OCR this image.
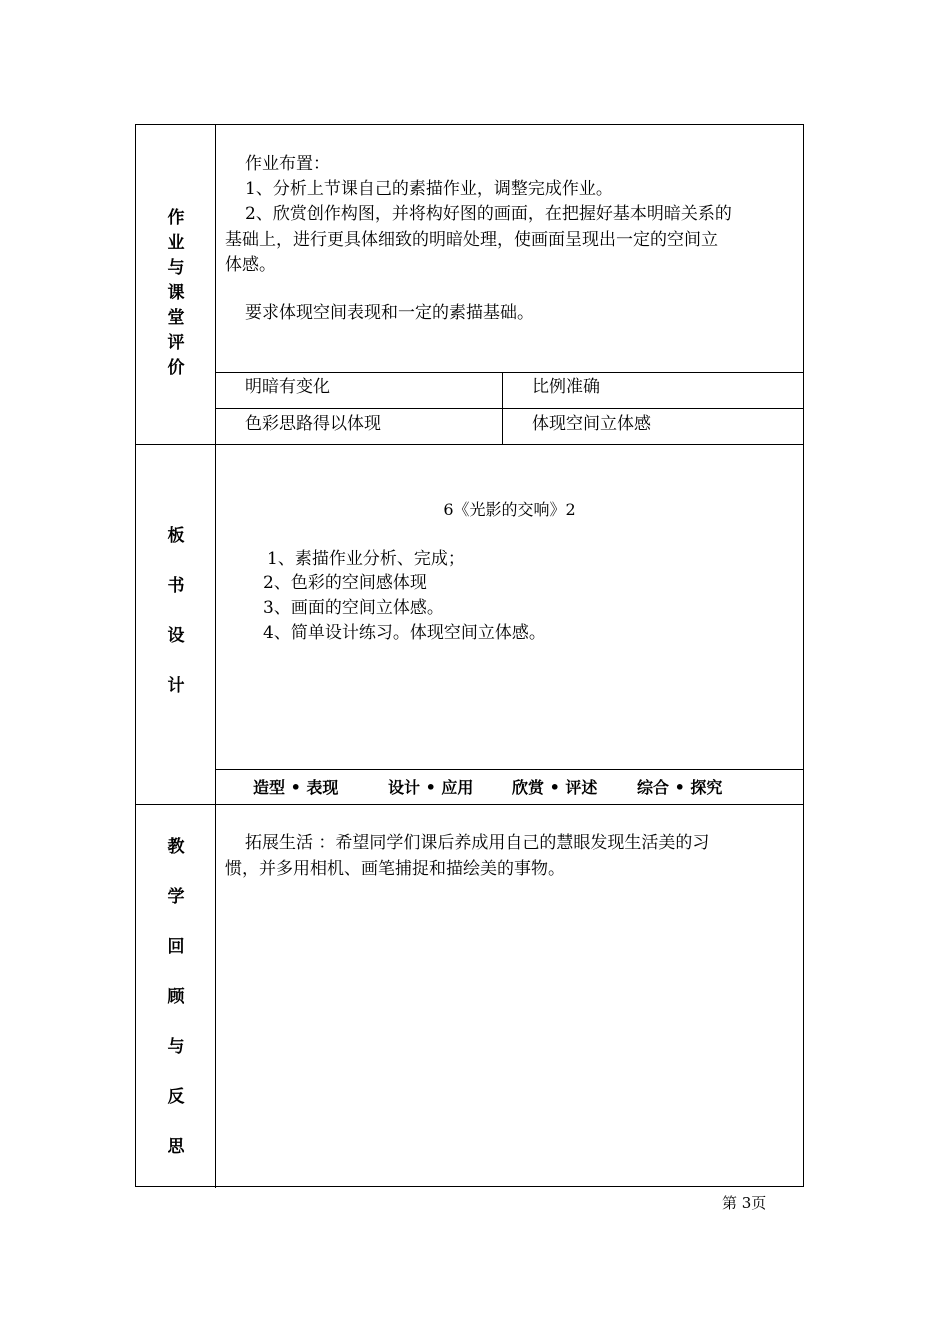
作
业
与
课
堂
评
价
作业布置：
1、分析上节课自己的素描作业，调整完成作业。
2、欣赏创作构图，并将构好图的画面，在把握好基本明暗关系的
基础上，进行更具体细致的明暗处理，使画面呈现出一定的空间立
体感。
要求体现空间表现和一定的素描基础。
明暗有变化	比例准确
色彩思路得以体现	体现空间立体感
板
书
设
计
6《光影的交响》2
1、素描作业分析、完成；
2、色彩的空间感体现
3、画面的空间立体感。
4、简单设计练习。体现空间立体感。
造型 • 表现	设计 • 应用 欣赏 • 评述 综合 • 探究
教
学
回
顾
与
反
思
拓展生活 ：希望同学们课后养成用自己的慧眼发现生活美的习
惯，并多用相机、画笔捕捉和描绘美的事物。
第 3页
